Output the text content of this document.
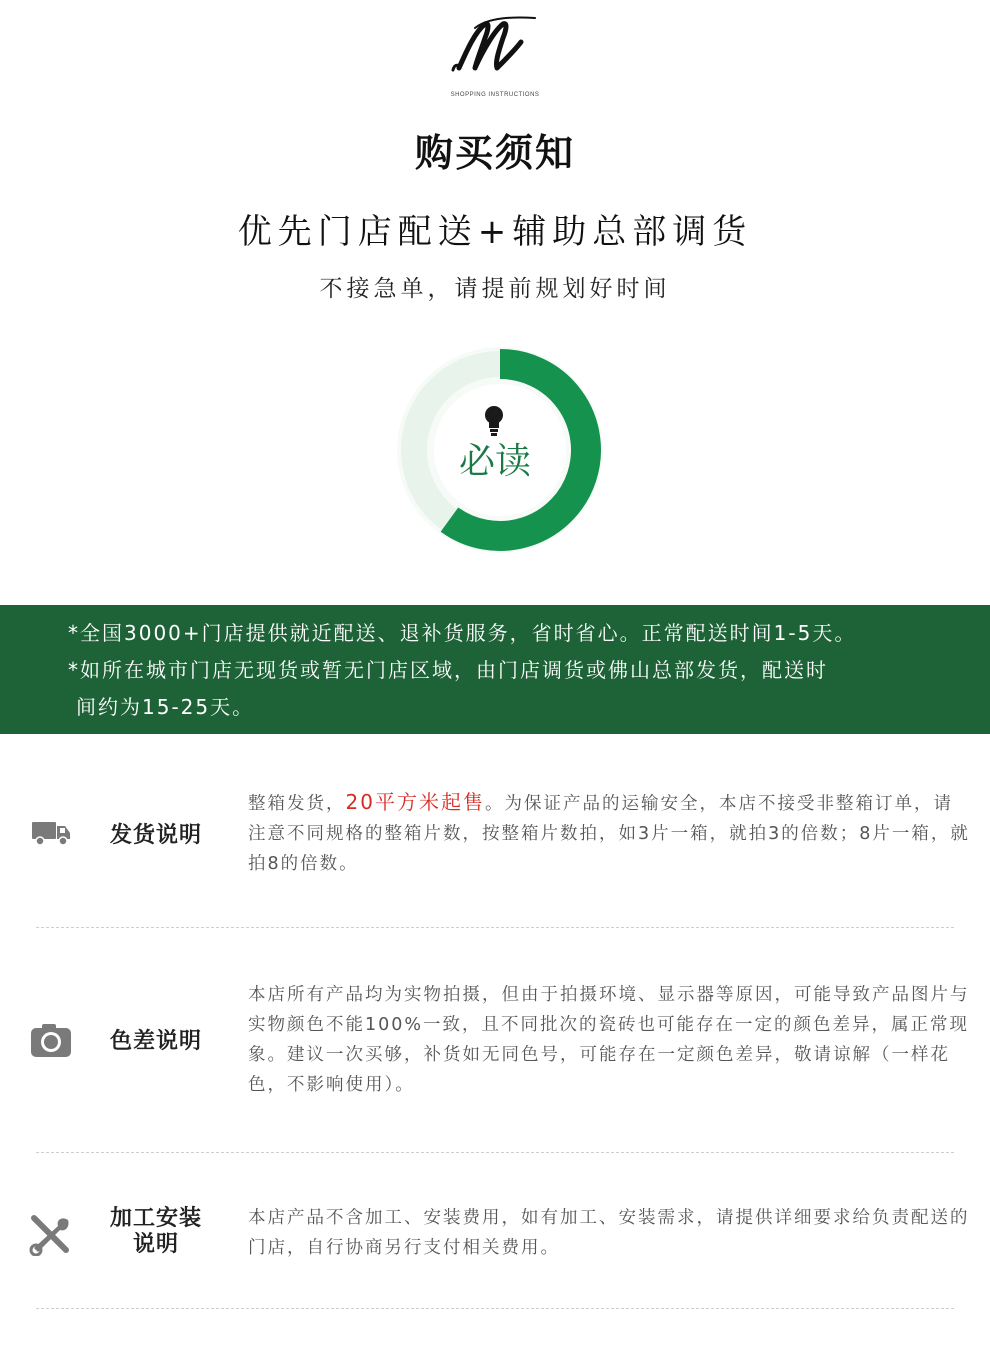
SHOPPING INSTRUCTIONS
购买须知
优先门店配送+辅助总部调货
不接急单，请提前规划好时间
必读
*全国3000+门店提供就近配送、退补货服务，省时省心。正常配送时间1-5天。
*如所在城市门店无现货或暂无门店区域，由门店调货或佛山总部发货，配送时
间约为15-25天。
发货说明
整箱发货，20平方米起售。为保证产品的运输安全，本店不接受非整箱订单，请注意不同规格的整箱片数，按整箱片数拍，如3片一箱，就拍3的倍数；8片一箱，就拍8的倍数。
色差说明
本店所有产品均为实物拍摄，但由于拍摄环境、显示器等原因，可能导致产品图片与实物颜色不能100%一致，且不同批次的瓷砖也可能存在一定的颜色差异，属正常现象。建议一次买够，补货如无同色号，可能存在一定颜色差异，敬请谅解（一样花色，不影响使用）。
加工安装
说明
本店产品不含加工、安装费用，如有加工、安装需求，请提供详细要求给负责配送的门店，自行协商另行支付相关费用。
